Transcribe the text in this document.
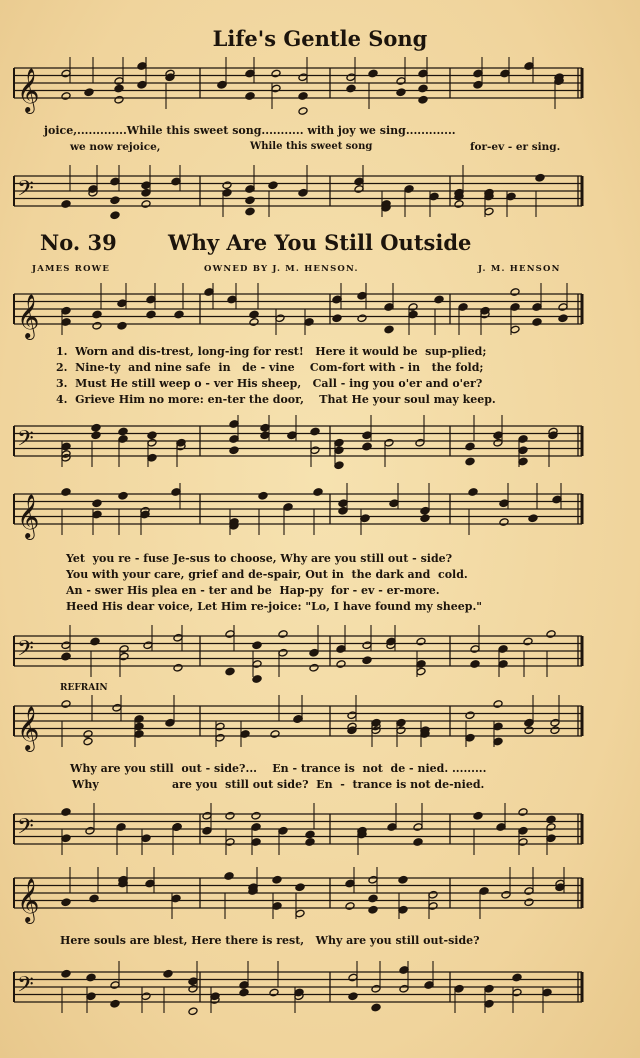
Life's Gentle Song
𝄞
joice,.............While this sweet song........... with joy we sing.............
we now rejoice,	While this sweet song	for-ev - er sing.
𝄢
No. 39 Why Are You Still Outside
JAMES ROWE	OWNED BY J. M. HENSON.	J. M. HENSON
𝄞
1.  Worn and dis-trest, long-ing for rest!   Here it would be  sup-plied;
2.  Nine-ty  and nine safe  in   de - vine    Com-fort with - in   the fold;
3.  Must He still weep o - ver His sheep,   Call - ing you o'er and o'er?
4.  Grieve Him no more: en-ter the door,    That He your soul may keep.
𝄢
𝄞
Yet  you re - fuse Je-sus to choose, Why are you still out - side?
You with your care, grief and de-spair, Out in  the dark and  cold.
An - swer His plea en - ter and be  Hap-py  for - ev - er-more.
Heed His dear voice, Let Him re-joice: "Lo, I have found my sheep."
𝄢
REFRAIN
𝄞
Why are you still  out - side?...    En - trance is  not  de - nied. .........
Why	are you  still out side?  En  -  trance is not de-nied.
𝄢
𝄞
Here souls are blest, Here there is rest,   Why are you still out-side?
𝄢
